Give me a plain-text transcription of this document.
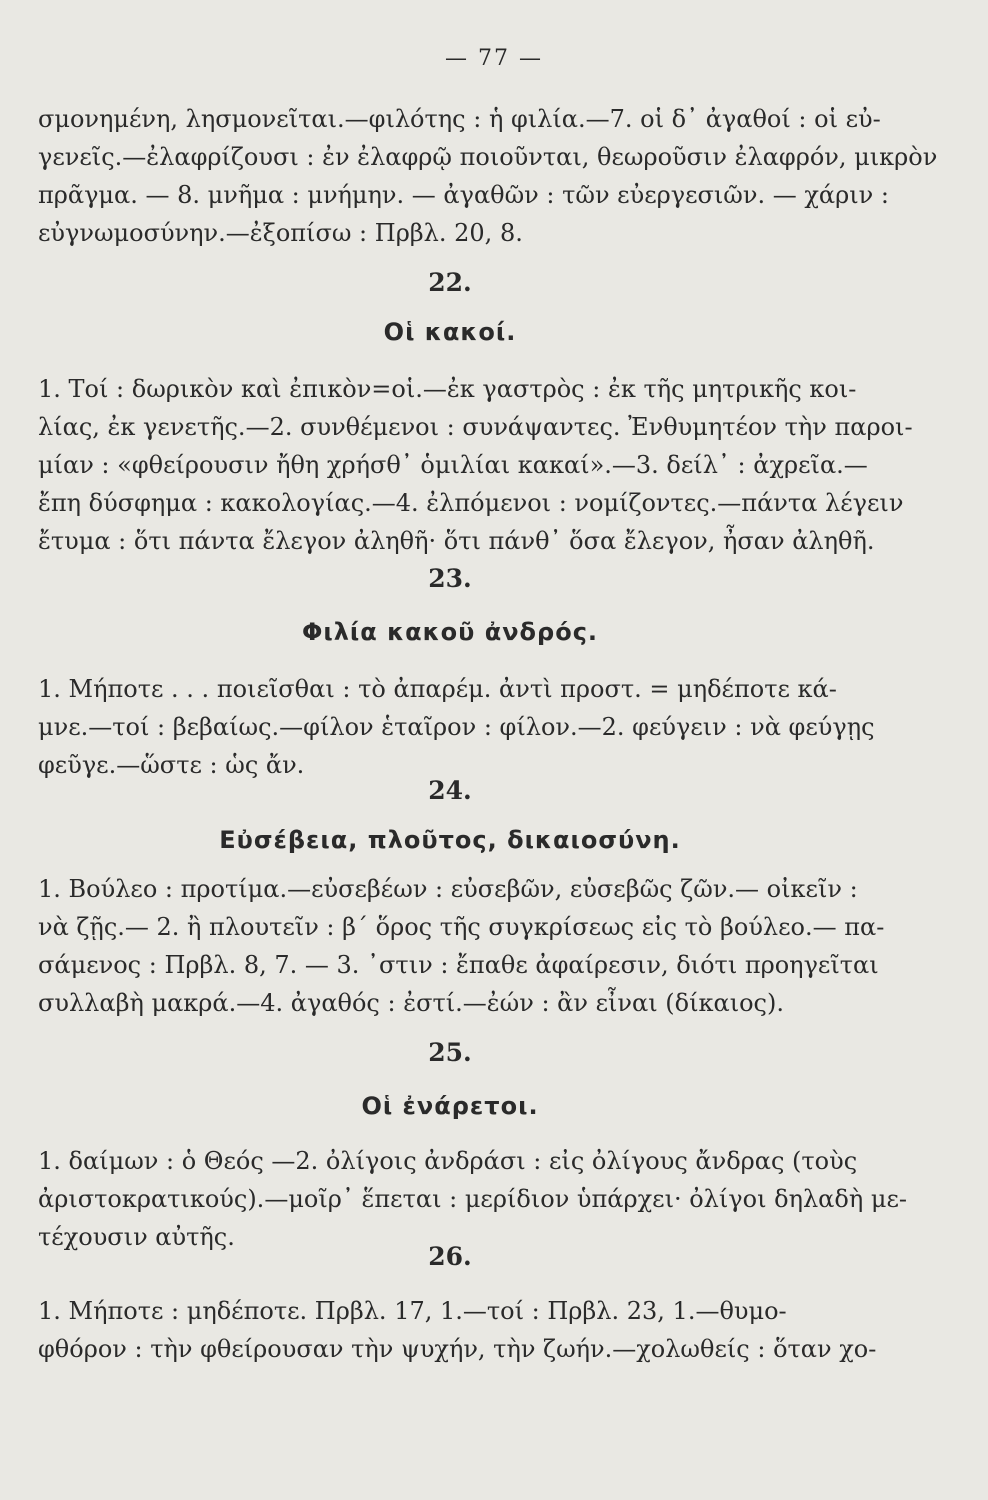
— 77 —
σμονημένη, λησμονεῖται.—φιλότης : ἡ φιλία.—7. οἱ δ᾽ ἀγαθοί : οἱ εὐ-
γενεῖς.—ἐλαφρίζουσι : ἐν ἐλαφρῷ ποιοῦνται, θεωροῦσιν ἐλαφρόν, μικρὸν
πρᾶγμα. — 8. μνῆμα : μνήμην. — ἀγαθῶν : τῶν εὐεργεσιῶν. — χάριν :
εὐγνωμοσύνην.—ἐξοπίσω : Πρβλ. 20, 8.
22.
Οἱ κακοί.
1. Τοί : δωρικὸν καὶ ἐπικὸν=οἱ.—ἐκ γαστρὸς : ἐκ τῆς μητρικῆς κοι-
λίας, ἐκ γενετῆς.—2. συνθέμενοι : συνάψαντες. Ἐνθυμητέον τὴν παροι-
μίαν : «φθείρουσιν ἤθη χρήσθ᾽ ὁμιλίαι κακαί».—3. δείλ᾽ : ἀχρεῖα.—
ἔπη δύσφημα : κακολογίας.—4. ἐλπόμενοι : νομίζοντες.—πάντα λέγειν
ἔτυμα : ὅτι πάντα ἔλεγον ἀληθῆ· ὅτι πάνθ᾽ ὅσα ἔλεγον, ἦσαν ἀληθῆ.
23.
Φιλία κακοῦ ἀνδρός.
1. Μήποτε . . . ποιεῖσθαι : τὸ ἀπαρέμ. ἀντὶ προστ. = μηδέποτε κά-
μνε.—τοί : βεβαίως.—φίλον ἑταῖρον : φίλον.—2. φεύγειν : νὰ φεύγῃς
φεῦγε.—ὥστε : ὡς ἄν.
24.
Εὐσέβεια, πλοῦτος, δικαιοσύνη.
1. Βούλεο : προτίμα.—εὐσεβέων : εὐσεβῶν, εὐσεβῶς ζῶν.— οἰκεῖν :
νὰ ζῇς.— 2. ἢ πλουτεῖν : β´ ὅρος τῆς συγκρίσεως εἰς τὸ βούλεο.— πα-
σάμενος : Πρβλ. 8, 7. — 3. ᾽στιν : ἔπαθε ἀφαίρεσιν, διότι προηγεῖται
συλλαβὴ μακρά.—4. ἀγαθός : ἐστί.—ἐών : ἂν εἶναι (δίκαιος).
25.
Οἱ ἐνάρετοι.
1. δαίμων : ὁ Θεός —2. ὀλίγοις ἀνδράσι : εἰς ὀλίγους ἄνδρας (τοὺς
ἀριστοκρατικούς).—μοῖρ᾽ ἕπεται : μερίδιον ὑπάρχει· ὀλίγοι δηλαδὴ με-
τέχουσιν αὐτῆς.
26.
1. Μήποτε : μηδέποτε. Πρβλ. 17, 1.—τοί : Πρβλ. 23, 1.—θυμο-
φθόρον : τὴν φθείρουσαν τὴν ψυχήν, τὴν ζωήν.—χολωθείς : ὅταν χο-
